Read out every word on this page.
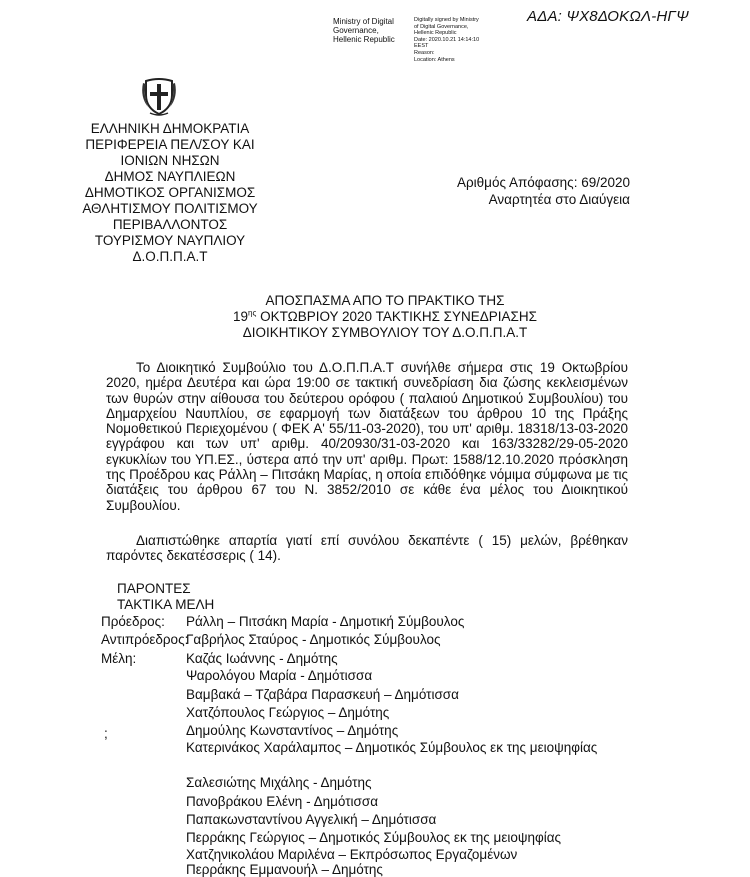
ΑΔΑ: ΨΧ8ΔΟΚΩΛ-ΗΓΨ
Ministry of Digital
Governance,
Hellenic Republic
Digitally signed by Ministry
of Digital Governance,
Hellenic Republic
Date: 2020.10.21 14:14:10
EEST
Reason:
Location: Athens
ΕΛΛΗΝΙΚΗ ΔΗΜΟΚΡΑΤΙΑ
ΠΕΡΙΦΕΡΕΙΑ ΠΕΛ/ΣΟΥ ΚΑΙ
ΙΟΝΙΩΝ ΝΗΣΩΝ
ΔΗΜΟΣ ΝΑΥΠΛΙΕΩΝ
ΔΗΜΟΤΙΚΟΣ ΟΡΓΑΝΙΣΜΟΣ
ΑΘΛΗΤΙΣΜΟΥ ΠΟΛΙΤΙΣΜΟΥ
ΠΕΡΙΒΑΛΛΟΝΤΟΣ
ΤΟΥΡΙΣΜΟΥ ΝΑΥΠΛΙΟΥ
Δ.Ο.Π.Π.Α.Τ
Αριθμός Απόφασης: 69/2020
Αναρτητέα στο Διαύγεια
ΑΠΟΣΠΑΣΜΑ ΑΠΟ ΤΟ ΠΡΑΚΤΙΚΟ ΤΗΣ
$19^{\eta\varsigma}$ ΟΚΤΩΒΡΙΟΥ 2020 ΤΑΚΤΙΚΗΣ ΣΥΝΕΔΡΙΑΣΗΣ
ΔΙΟΙΚΗΤΙΚΟΥ ΣΥΜΒΟΥΛΙΟΥ ΤΟΥ Δ.Ο.Π.Π.Α.Τ
Το Διοικητικό Συμβούλιο του Δ.Ο.Π.Π.Α.Τ συνήλθε σήμερα στις 19 Οκτωβρίου 2020, ημέρα Δευτέρα και ώρα 19:00 σε τακτική συνεδρίαση δια ζώσης κεκλεισμένων των θυρών στην αίθουσα του δεύτερου ορόφου ( παλαιού Δημοτικού Συμβουλίου) του Δημαρχείου Ναυπλίου, σε εφαρμογή των διατάξεων του άρθρου 10 της Πράξης Νομοθετικού Περιεχομένου ( ΦΕΚ Α' 55/11-03-2020), του υπ' αριθμ. 18318/13-03-2020 εγγράφου και των υπ' αριθμ. 40/20930/31-03-2020 και 163/33282/29-05-2020 εγκυκλίων του ΥΠ.ΕΣ., ύστερα από την υπ' αριθμ. Πρωτ: 1588/12.10.2020 πρόσκληση της Προέδρου κας Ράλλη – Πιτσάκη Μαρίας, η οποία επιδόθηκε νόμιμα σύμφωνα με τις διατάξεις του άρθρου 67 του Ν. 3852/2010 σε κάθε ένα μέλος του Διοικητικού Συμβουλίου.
Διαπιστώθηκε απαρτία γιατί επί συνόλου δεκαπέντε ( 15) μελών, βρέθηκαν παρόντες δεκατέσσερις ( 14).
ΠΑΡΟΝΤΕΣ
ΤΑΚΤΙΚΑ ΜΕΛΗ
Πρόεδρος: Ράλλη – Πιτσάκη Μαρία - Δημοτική Σύμβουλος
Αντιπρόεδρος:
Γαβρήλος Σταύρος - Δημοτικός Σύμβουλος
Μέλη:	Καζάς Ιωάννης - Δημότης
Ψαρολόγου Μαρία - Δημότισσα
Βαμβακά – Τζαβάρα Παρασκευή – Δημότισσα
Χατζόπουλος Γεώργιος – Δημότης
;	Δημούλης Κωνσταντίνος – Δημότης
Κατερινάκος Χαράλαμπος – Δημοτικός Σύμβουλος εκ της μειοψηφίας
Σαλεσιώτης Μιχάλης - Δημότης
Πανοβράκου Ελένη - Δημότισσα
Παπακωνσταντίνου Αγγελική – Δημότισσα
Περράκης Γεώργιος – Δημοτικός Σύμβουλος εκ της μειοψηφίας
Χατζηνικολάου Μαριλένα – Εκπρόσωπος Εργαζομένων
Περράκης Εμμανουήλ – Δημότης
